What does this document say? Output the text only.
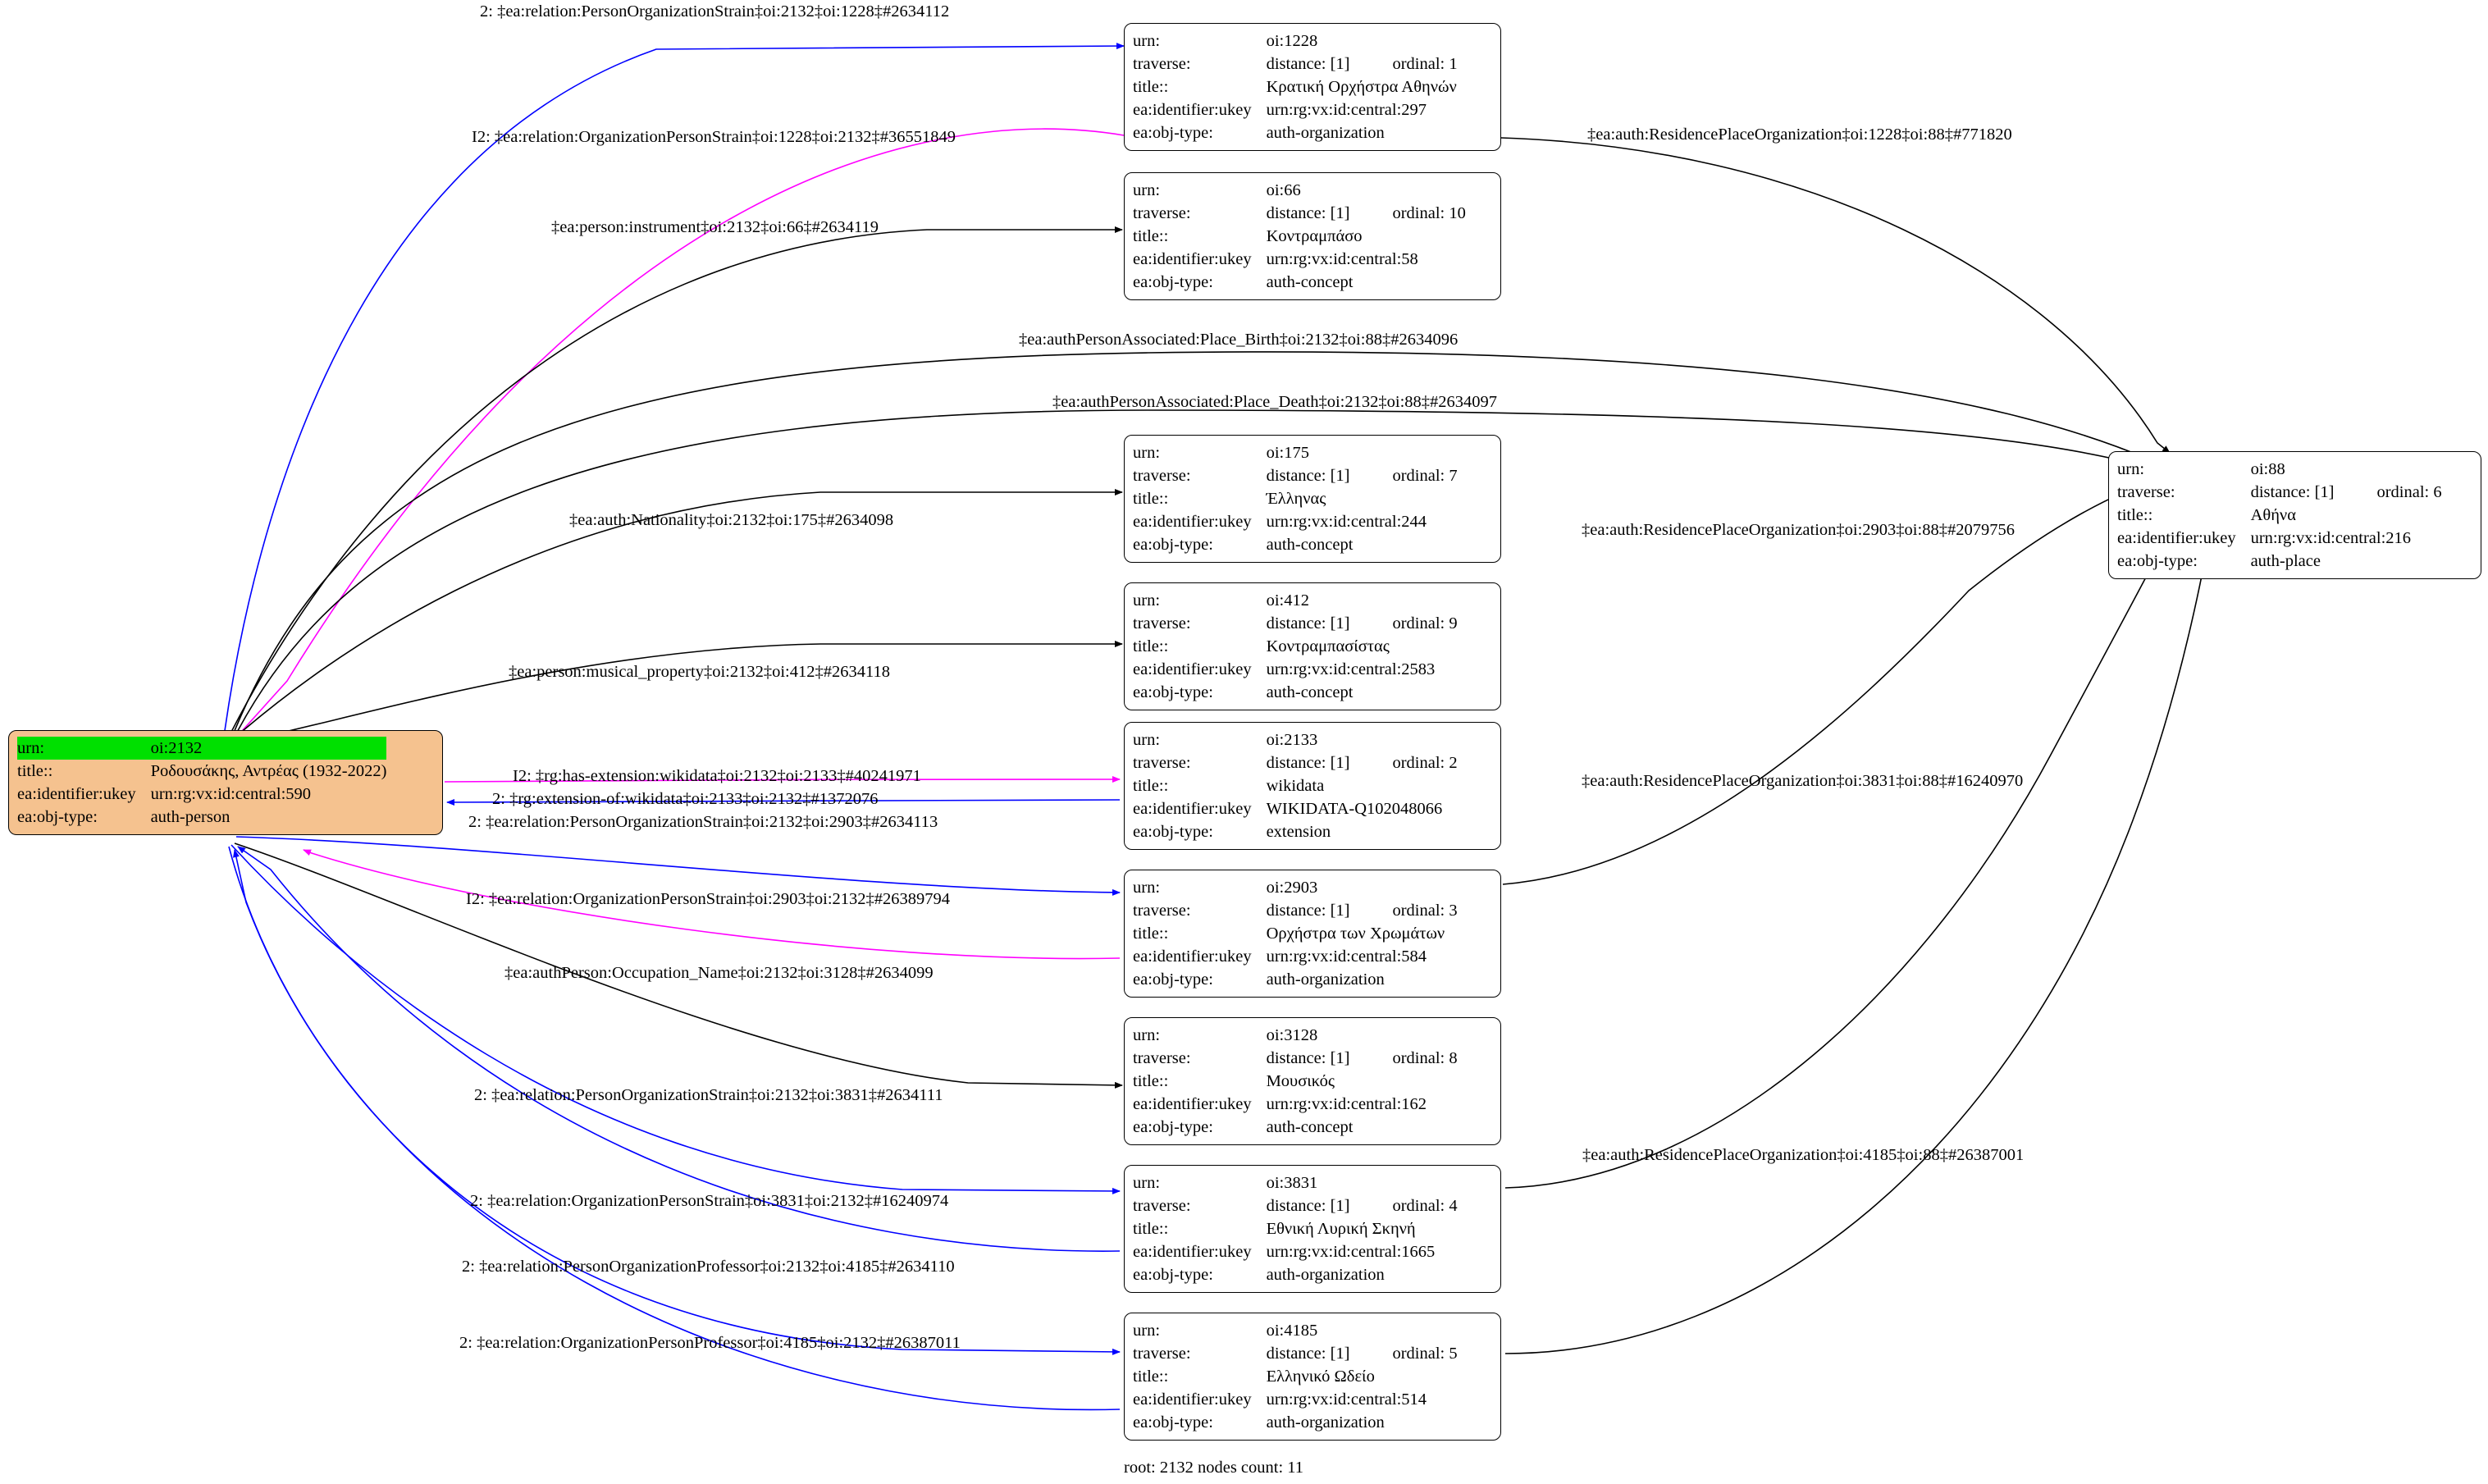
urn:	oi:2132
title::	Ροδουσάκης, Αντρέας (1932-2022)
ea:identifier:ukey	urn:rg:vx:id:central:590
ea:obj-type:	auth-person
urn:	oi:1228	
traverse:	distance: [1]	ordinal: 1
title::	Κρατική Ορχήστρα Αθηνών	
ea:identifier:ukey	urn:rg:vx:id:central:297	
ea:obj-type:	auth-organization	
urn:	oi:66	
traverse:	distance: [1]	ordinal: 10
title::	Κοντραμπάσο	
ea:identifier:ukey	urn:rg:vx:id:central:58	
ea:obj-type:	auth-concept	
urn:	oi:175	
traverse:	distance: [1]	ordinal: 7
title::	Έλληνας	
ea:identifier:ukey	urn:rg:vx:id:central:244	
ea:obj-type:	auth-concept	
urn:	oi:412	
traverse:	distance: [1]	ordinal: 9
title::	Κοντραμπασίστας	
ea:identifier:ukey	urn:rg:vx:id:central:2583	
ea:obj-type:	auth-concept	
urn:	oi:2133	
traverse:	distance: [1]	ordinal: 2
title::	wikidata	
ea:identifier:ukey	WIKIDATA-Q102048066	
ea:obj-type:	extension	
urn:	oi:2903	
traverse:	distance: [1]	ordinal: 3
title::	Ορχήστρα των Χρωμάτων	
ea:identifier:ukey	urn:rg:vx:id:central:584	
ea:obj-type:	auth-organization	
urn:	oi:3128	
traverse:	distance: [1]	ordinal: 8
title::	Μουσικός	
ea:identifier:ukey	urn:rg:vx:id:central:162	
ea:obj-type:	auth-concept	
urn:	oi:3831	
traverse:	distance: [1]	ordinal: 4
title::	Εθνική Λυρική Σκηνή	
ea:identifier:ukey	urn:rg:vx:id:central:1665	
ea:obj-type:	auth-organization	
urn:	oi:4185	
traverse:	distance: [1]	ordinal: 5
title::	Ελληνικό Ωδείο	
ea:identifier:ukey	urn:rg:vx:id:central:514	
ea:obj-type:	auth-organization	
urn:	oi:88	
traverse:	distance: [1]	ordinal: 6
title::	Αθήνα	
ea:identifier:ukey	urn:rg:vx:id:central:216	
ea:obj-type:	auth-place	
2: ‡ea:relation:PersonOrganizationStrain‡oi:2132‡oi:1228‡#2634112
I2: ‡ea:relation:OrganizationPersonStrain‡oi:1228‡oi:2132‡#36551849
‡ea:person:instrument‡oi:2132‡oi:66‡#2634119
‡ea:auth:ResidencePlaceOrganization‡oi:1228‡oi:88‡#771820
‡ea:authPersonAssociated:Place_Birth‡oi:2132‡oi:88‡#2634096
‡ea:authPersonAssociated:Place_Death‡oi:2132‡oi:88‡#2634097
‡ea:auth:Nationality‡oi:2132‡oi:175‡#2634098
‡ea:auth:ResidencePlaceOrganization‡oi:2903‡oi:88‡#2079756
‡ea:person:musical_property‡oi:2132‡oi:412‡#2634118
I2: ‡rg:has-extension:wikidata‡oi:2132‡oi:2133‡#40241971
2: ‡rg:extension-of:wikidata‡oi:2133‡oi:2132‡#1372076
2: ‡ea:relation:PersonOrganizationStrain‡oi:2132‡oi:2903‡#2634113
I2: ‡ea:relation:OrganizationPersonStrain‡oi:2903‡oi:2132‡#26389794
‡ea:auth:ResidencePlaceOrganization‡oi:3831‡oi:88‡#16240970
‡ea:authPerson:Occupation_Name‡oi:2132‡oi:3128‡#2634099
2: ‡ea:relation:PersonOrganizationStrain‡oi:2132‡oi:3831‡#2634111
2: ‡ea:relation:OrganizationPersonStrain‡oi:3831‡oi:2132‡#16240974
‡ea:auth:ResidencePlaceOrganization‡oi:4185‡oi:88‡#26387001
2: ‡ea:relation:PersonOrganizationProfessor‡oi:2132‡oi:4185‡#2634110
2: ‡ea:relation:OrganizationPersonProfessor‡oi:4185‡oi:2132‡#26387011
root: 2132 nodes count: 11
